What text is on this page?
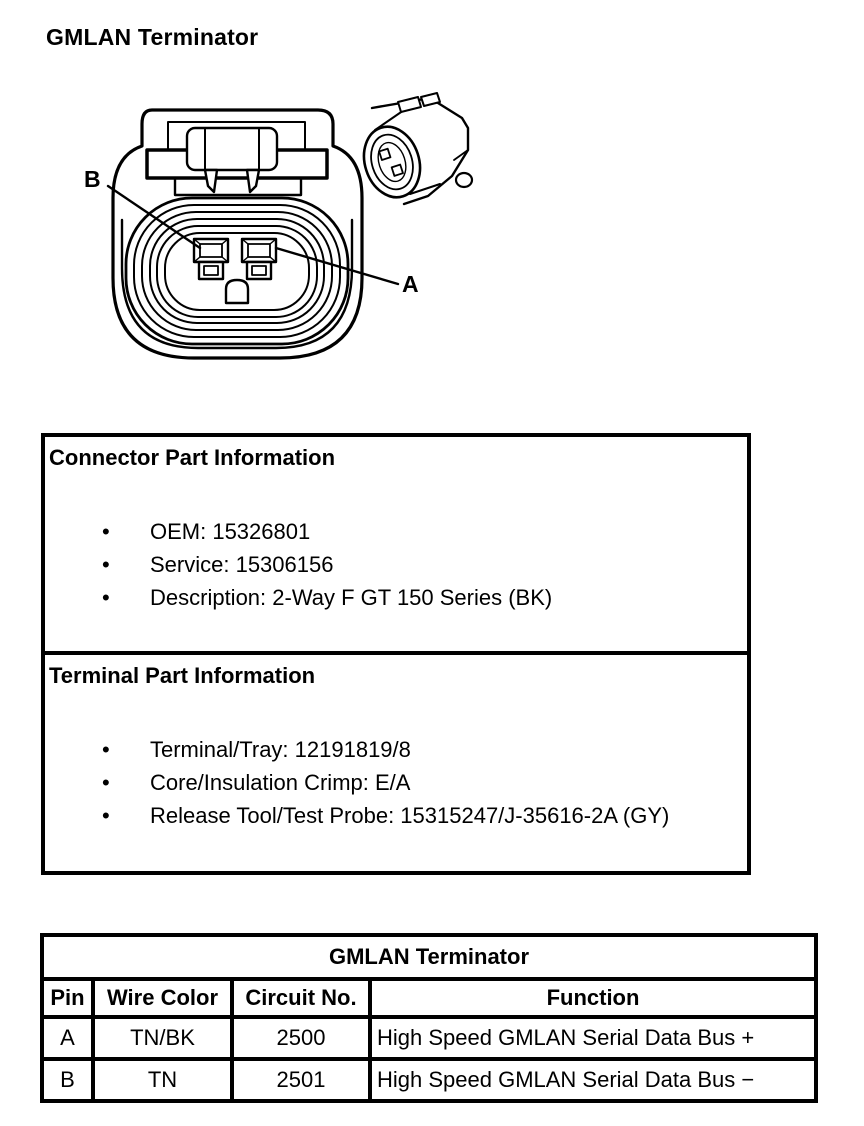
GMLAN Terminator
B
A
Connector Part Information
• OEM: 15326801
• Service: 15306156
• Description: 2-Way F GT 150 Series (BK)
Terminal Part Information
• Terminal/Tray: 12191819/8
• Core/Insulation Crimp: E/A
• Release Tool/Test Probe: 15315247/J-35616-2A (GY)
GMLAN Terminator			
Pin	Wire Color	Circuit No.	Function
A	TN/BK	2500	High Speed GMLAN Serial Data Bus +
B	TN	2501	High Speed GMLAN Serial Data Bus −
